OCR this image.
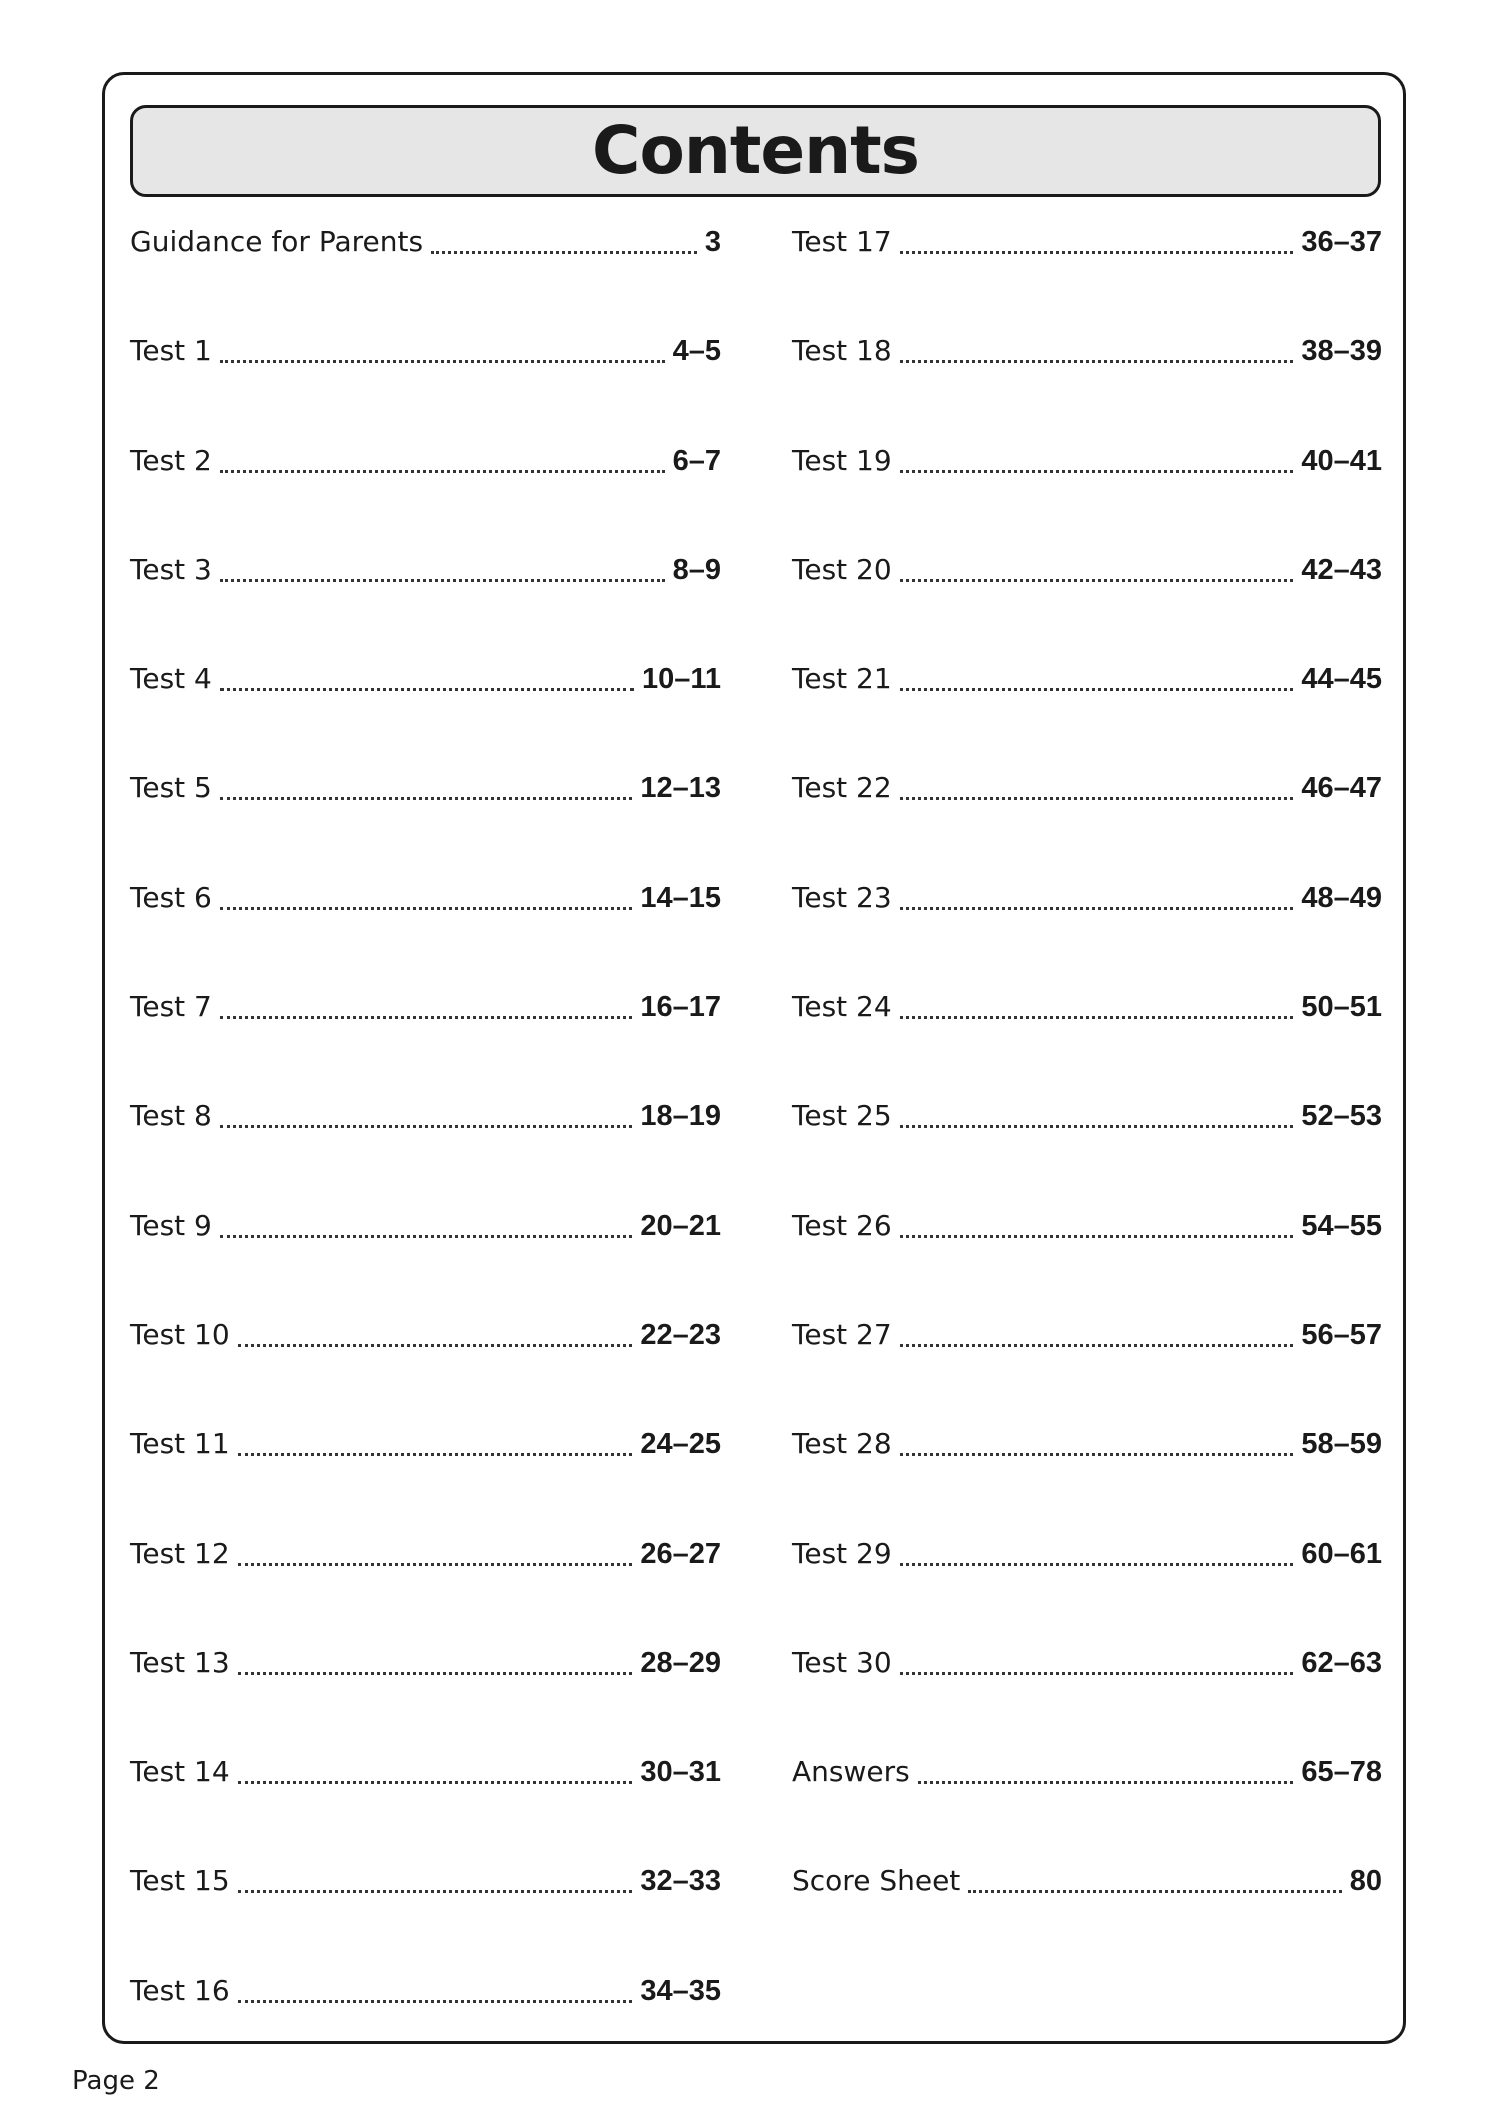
Contents
Guidance for Parents	3
Test 1	4–5
Test 2	6–7
Test 3	8–9
Test 4	10–11
Test 5	12–13
Test 6	14–15
Test 7	16–17
Test 8	18–19
Test 9	20–21
Test 10	22–23
Test 11	24–25
Test 12	26–27
Test 13	28–29
Test 14	30–31
Test 15	32–33
Test 16	34–35
Test 17	36–37
Test 18	38–39
Test 19	40–41
Test 20	42–43
Test 21	44–45
Test 22	46–47
Test 23	48–49
Test 24	50–51
Test 25	52–53
Test 26	54–55
Test 27	56–57
Test 28	58–59
Test 29	60–61
Test 30	62–63
Answers	65–78
Score Sheet	80
Page 2
